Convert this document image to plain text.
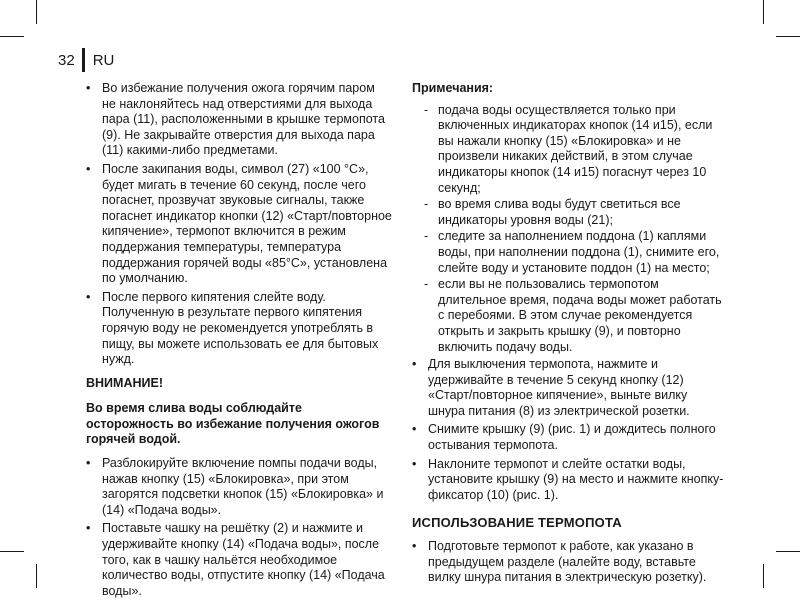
32 RU
• Во избежание получения ожога горячим паром не наклоняйтесь над отверстиями для выхода пара (11), расположенными в крышке термопота (9). Не закрывайте отверстия для выхода пара (11) какими-либо предметами.
• После закипания воды, символ (27) «100 °C», будет мигать в течение 60 секунд, после чего погаснет, прозвучат звуковые сигналы, также погаснет индикатор кнопки (12) «Старт/повторное кипячение», термопот включится в режим поддержания температуры, температура поддержания горячей воды «85°C», установлена по умолчанию.
• После первого кипятения слейте воду. Полученную в результате первого кипятения горячую воду не рекомендуется употреблять в пищу, вы можете использовать ее для бытовых нужд.
ВНИМАНИЕ!
Во время слива воды соблюдайте осторожность во избежание получения ожогов горячей водой.
• Разблокируйте включение помпы подачи воды, нажав кнопку (15) «Блокировка», при этом загорятся подсветки кнопок (15) «Блокировка» и (14) «Подача воды».
• Поставьте чашку на решётку (2) и нажмите и удерживайте кнопку (14) «Подача воды», после того, как в чашку нальётся необходимое количество воды, отпустите кнопку (14) «Подача воды».
Примечания:
- подача воды осуществляется только при включенных индикаторах кнопок (14 и15), если вы нажали кнопку (15) «Блокировка» и не произвели никаких действий, в этом случае индикаторы кнопок (14 и15) погаснут через 10 секунд;
- во время слива воды будут светиться все индикаторы уровня воды (21);
- следите за наполнением поддона (1) каплями воды, при наполнении поддона (1), снимите его, слейте воду и установите поддон (1) на место;
- если вы не пользовались термопотом длительное время, подача воды может работать с перебоями. В этом случае рекомендуется открыть и закрыть крышку (9), и повторно включить подачу воды.
• Для выключения термопота, нажмите и удерживайте в течение 5 секунд кнопку (12) «Старт/повторное кипячение», выньте вилку шнура питания (8) из электрической розетки.
• Снимите крышку (9) (рис. 1) и дождитесь полного остывания термопота.
• Наклоните термопот и слейте остатки воды, установите крышку (9) на место и нажмите кнопку-фиксатор (10) (рис. 1).
ИСПОЛЬЗОВАНИЕ ТЕРМОПОТА
• Подготовьте термопот к работе, как указано в предыдущем разделе (налейте воду, вставьте вилку шнура питания в электрическую розетку).
